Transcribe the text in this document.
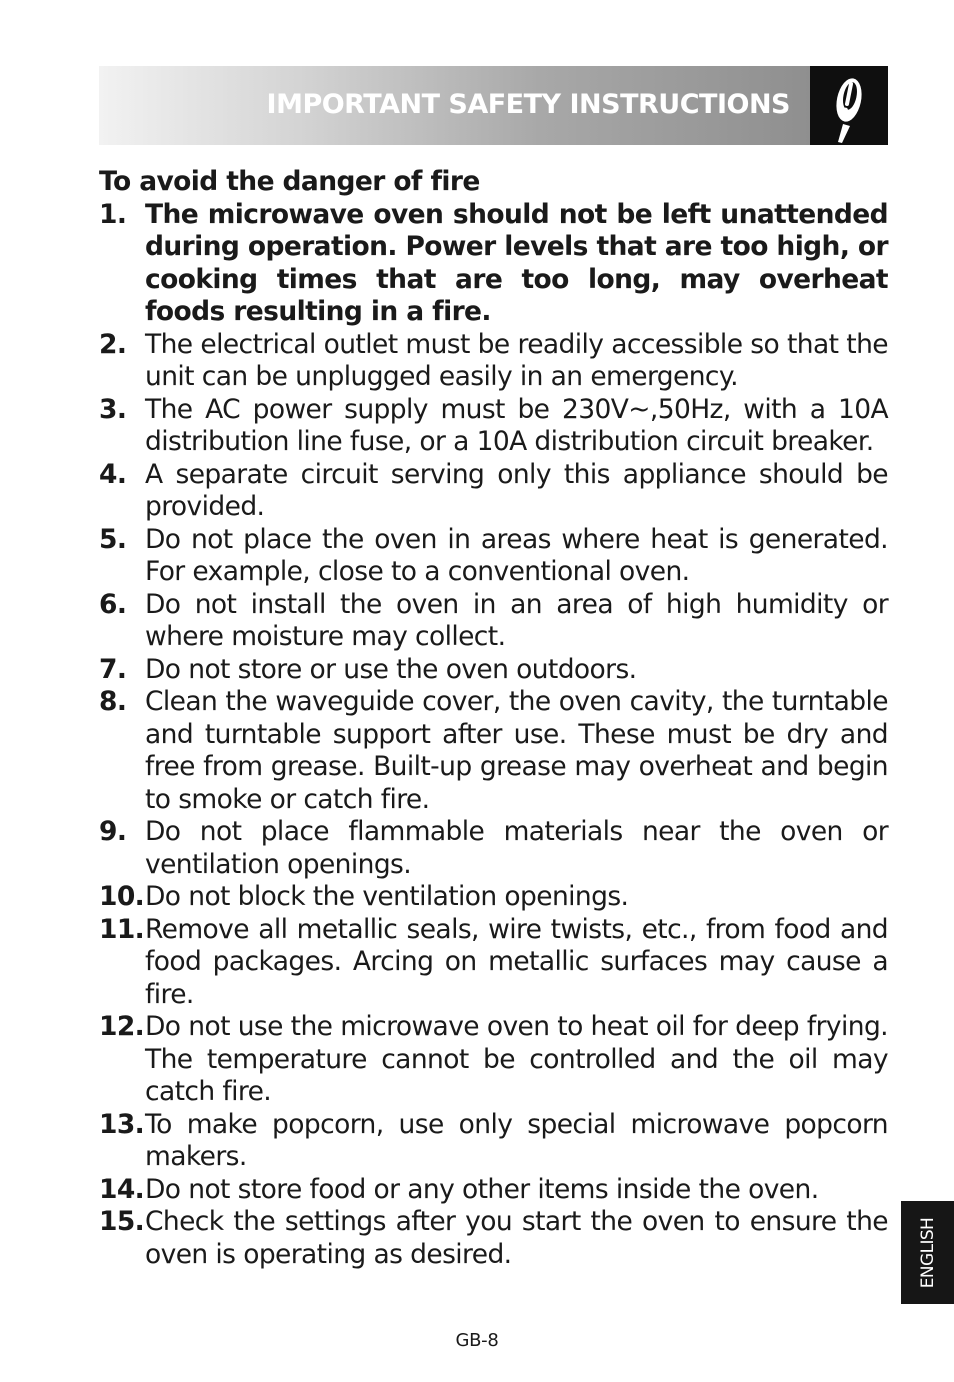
IMPORTANT SAFETY INSTRUCTIONS
To avoid the danger of fire
1. The microwave oven should not be left unattended during operation. Power levels that are too high, or cooking times that are too long, may overheat foods resulting in a fire.
2. The electrical outlet must be readily accessible so that the unit can be unplugged easily in an emergency.
3. The AC power supply must be 230V~,50Hz, with a 10A distribution line fuse, or a 10A distribution circuit breaker.
4. A separate circuit serving only this appliance should be provided.
5. Do not place the oven in areas where heat is generated. For example, close to a conventional oven.
6. Do not install the oven in an area of high humidity or where moisture may collect.
7. Do not store or use the oven outdoors.
8. Clean the waveguide cover, the oven cavity, the turntable and turntable support after use. These must be dry and free from grease. Built-up grease may overheat and begin to smoke or catch fire.
9. Do not place flammable materials near the oven or ventilation openings.
10. Do not block the ventilation openings.
11. Remove all metallic seals, wire twists, etc., from food and food packages. Arcing on metallic surfaces may cause a fire.
12. Do not use the microwave oven to heat oil for deep frying. The temperature cannot be controlled and the oil may catch fire.
13. To make popcorn, use only special microwave popcorn makers.
14. Do not store food or any other items inside the oven.
15. Check the settings after you start the oven to ensure the oven is operating as desired.	ENGLISH
GB-8
